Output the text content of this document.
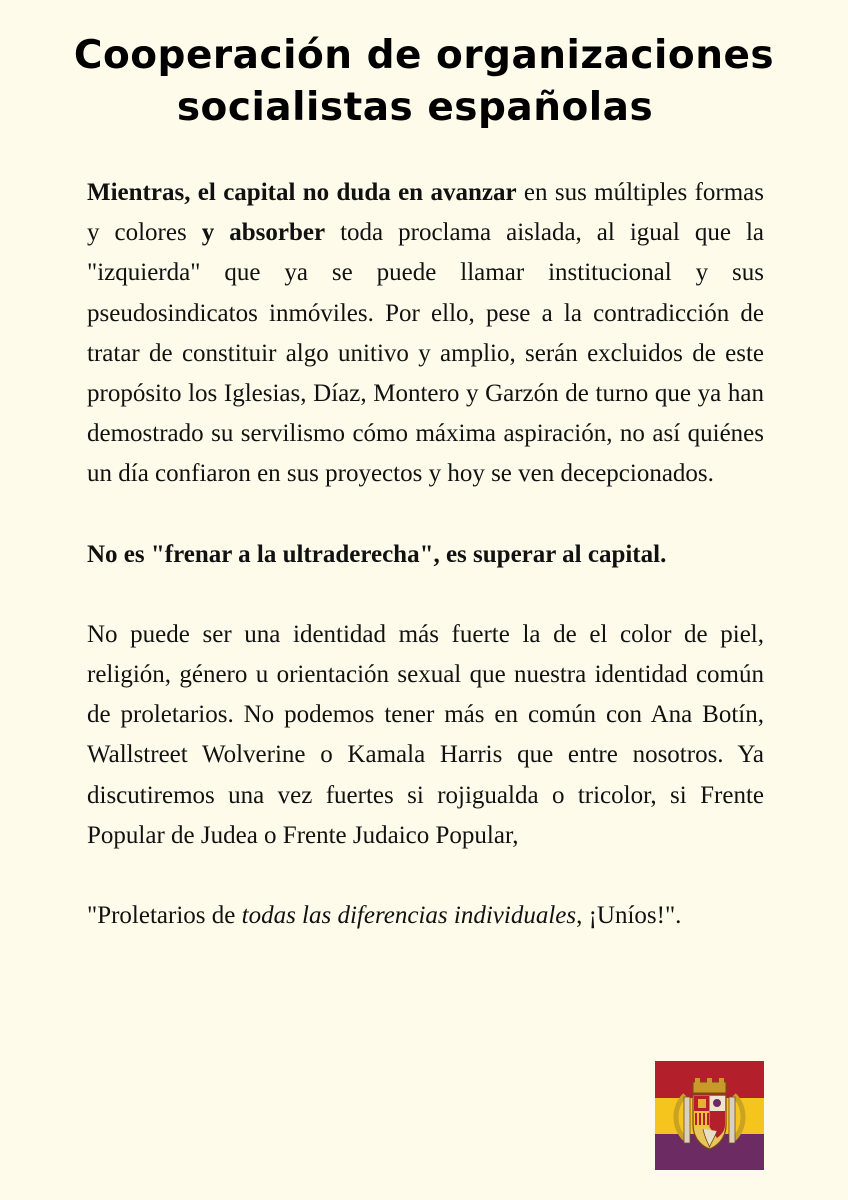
Cooperación de organizaciones
socialistas españolas

Mientras, el capital no duda en avanzar en sus múltiples formas y colores y absorber toda proclama aislada, al igual que la "izquierda" que ya se puede llamar institucional y sus pseudosindicatos inmóviles. Por ello, pese a la contradicción de tratar de constituir algo unitivo y amplio, serán excluidos de este propósito los Iglesias, Díaz, Montero y Garzón de turno que ya han demostrado su servilismo cómo máxima aspiración, no así quiénes un día confiaron en sus proyectos y hoy se ven decepcionados.

No es "frenar a la ultraderecha", es superar al capital.

No puede ser una identidad más fuerte la de el color de piel, religión, género u orientación sexual que nuestra identidad común de proletarios. No podemos tener más en común con Ana Botín, Wallstreet Wolverine o Kamala Harris que entre nosotros. Ya discutiremos una vez fuertes si rojigualda o tricolor, si Frente Popular de Judea o Frente Judaico Popular,

"Proletarios de todas las diferencias individuales, ¡Uníos!".
